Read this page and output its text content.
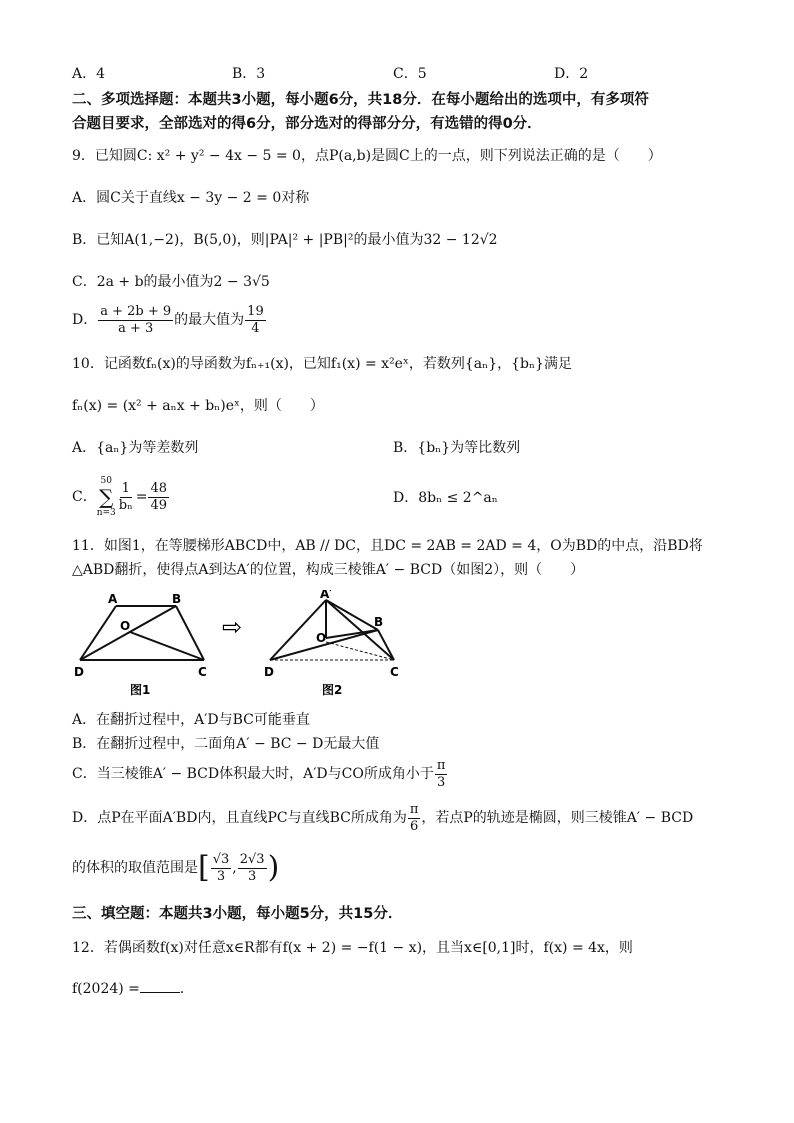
A．4	B．3	C．5	D．2
二、多项选择题：本题共3小题，每小题6分，共18分．在每小题给出的选项中，有多项符
合题目要求，全部选对的得6分，部分选对的得部分分，有选错的得0分．
9．已知圆C: x² + y² − 4x − 5 = 0，点P(a,b)是圆C上的一点，则下列说法正确的是（　　）
A．圆C关于直线x − 3y − 2 = 0对称
B．已知A(1,−2)，B(5,0)，则|PA|² + |PB|²的最小值为32 − 12√2
C．2a + b的最小值为2 − 3√5
D． $\frac{a + 2b + 9}{a + 3}$ 的最大值为 $\frac{19}{4}$
10．记函数fₙ(x)的导函数为fₙ₊₁(x)，已知f₁(x) = x²eˣ，若数列{aₙ}，{bₙ}满足
fₙ(x) = (x² + aₙx + bₙ)eˣ，则（　　）
A．{aₙ}为等差数列	B．{bₙ}为等比数列
C．
50
∑
n=3
$\frac{1}{\text{bₙ}} = \frac{48}{49}$	D．8bₙ ≤ 2^aₙ
11．如图1，在等腰梯形ABCD中，AB // DC，且DC = 2AB = 2AD = 4，O为BD的中点，沿BD将
△ABD翻折，使得点A到达A′的位置，构成三棱锥A′ − BCD（如图2），则（　　）
A	B
O
D	C
图1
⇨
A′
B
O
D	C
图2
A．在翻折过程中，A′D与BC可能垂直
B．在翻折过程中，二面角A′ − BC − D无最大值
C．当三棱锥A′ − BCD体积最大时，A′D与CO所成角小于 $\frac{\pi}{3}$
D．点P在平面A′BD内，且直线PC与直线BC所成角为 $\frac{\pi}{6}$ ，若点P的轨迹是椭圆，则三棱锥A′ − BCD
的体积的取值范围是[ $\frac{√3}{3}$ , $\frac{2√3}{3}$ )
三、填空题：本题共3小题，每小题5分，共15分．
12．若偶函数f(x)对任意x∈R都有f(x + 2) = −f(1 − x)，且当x∈[0,1]时，f(x) = 4x，则
f(2024) =	．
